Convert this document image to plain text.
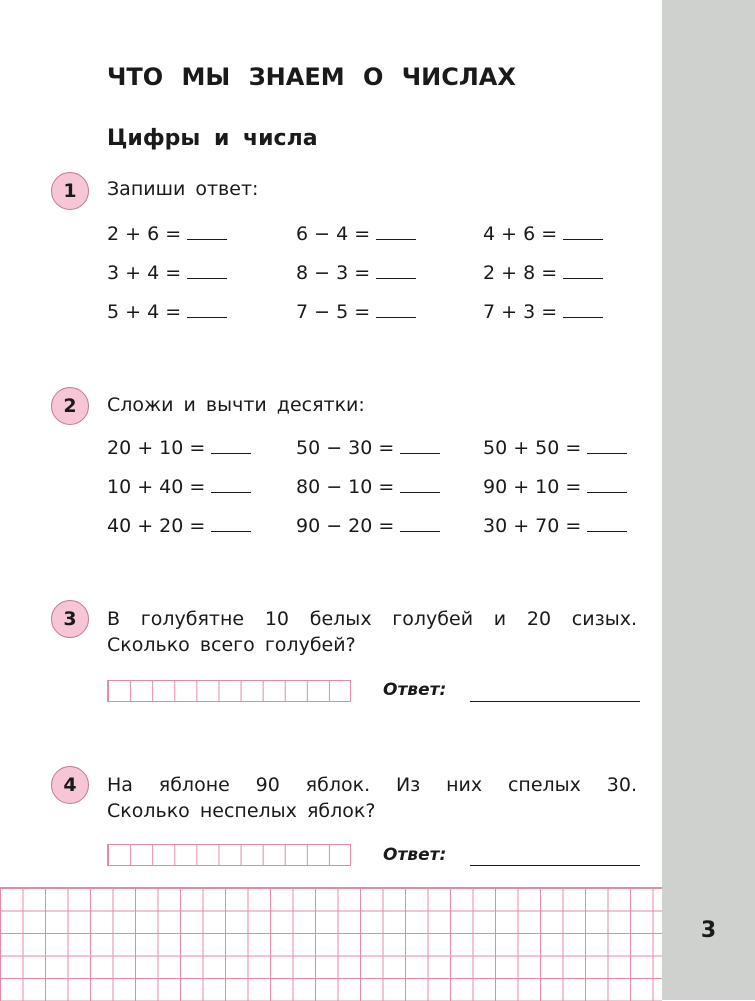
3
ЧТО МЫ ЗНАЕМ О ЧИСЛАХ
Цифры и числа
1	Запиши ответ:
2 + 6 =	6 − 4 =	4 + 6 =
3 + 4 =	8 − 3 =	2 + 8 =
5 + 4 =	7 − 5 =	7 + 3 =
2	Сложи и вычти десятки:
20 + 10 =	50 − 30 =	50 + 50 =
10 + 40 =	80 − 10 =	90 + 10 =
40 + 20 =	90 − 20 =	30 + 70 =
3	В голубятне 10 белых голубей и 20 сизых.
Сколько всего голубей?
Ответ:
4	На яблоне 90 яблок. Из них спелых 30.
Сколько неспелых яблок?
Ответ:
